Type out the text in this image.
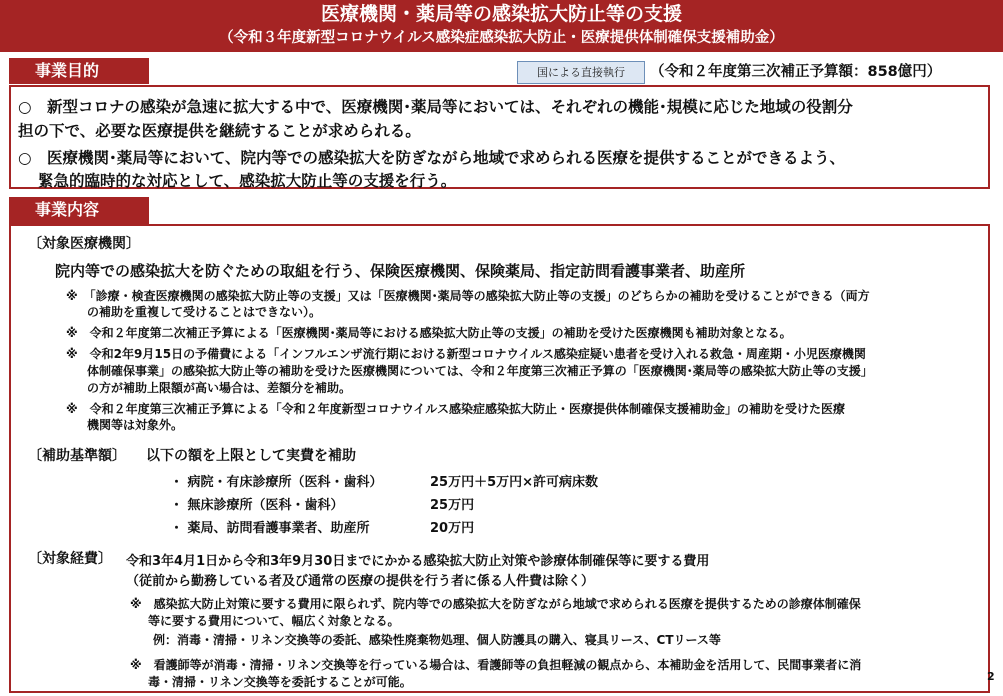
医療機関・薬局等の感染拡大防止等の支援
（令和３年度新型コロナウイルス感染症感染拡大防止・医療提供体制確保支援補助金）
事業目的	国による直接執行	（令和２年度第三次補正予算額：858億円）
○　新型コロナの感染が急速に拡大する中で、医療機関･薬局等においては、それぞれの機能･規模に応じた地域の役割分
担の下で、必要な医療提供を継続することが求められる。
○　医療機関･薬局等において、院内等での感染拡大を防ぎながら地域で求められる医療を提供することができるよう、
緊急的臨時的な対応として、感染拡大防止等の支援を行う。
事業内容
〔対象医療機関〕
院内等での感染拡大を防ぐための取組を行う、保険医療機関、保険薬局、指定訪問看護事業者、助産所
※　「診療・検査医療機関の感染拡大防止等の支援」又は「医療機関･薬局等の感染拡大防止等の支援」のどちらかの補助を受けることができる（両方
の補助を重複して受けることはできない）。
※　令和２年度第二次補正予算による「医療機関･薬局等における感染拡大防止等の支援」の補助を受けた医療機関も補助対象となる。
※　令和2年9月15日の予備費による「インフルエンザ流行期における新型コロナウイルス感染症疑い患者を受け入れる救急・周産期・小児医療機関
体制確保事業」の感染拡大防止等の補助を受けた医療機関については、令和２年度第三次補正予算の「医療機関･薬局等の感染拡大防止等の支援」
の方が補助上限額が高い場合は、差額分を補助。
※　令和２年度第三次補正予算による「令和２年度新型コロナウイルス感染症感染拡大防止・医療提供体制確保支援補助金」の補助を受けた医療
機関等は対象外。
〔補助基準額〕 以下の額を上限として実費を補助
・ 病院・有床診療所（医科・歯科）	25万円＋5万円×許可病床数
・ 無床診療所（医科・歯科）	25万円
・ 薬局、訪問看護事業者、助産所	20万円
〔対象経費〕 令和3年4月1日から令和3年9月30日までにかかる感染拡大防止対策や診療体制確保等に要する費用
（従前から勤務している者及び通常の医療の提供を行う者に係る人件費は除く）
※　感染拡大防止対策に要する費用に限られず、院内等での感染拡大を防ぎながら地域で求められる医療を提供するための診療体制確保
等に要する費用について、幅広く対象となる。
例：消毒・清掃・リネン交換等の委託、感染性廃棄物処理、個人防護具の購入、寝具リース、CTリース等
※　看護師等が消毒・清掃・リネン交換等を行っている場合は、看護師等の負担軽減の観点から、本補助金を活用して、民間事業者に消
毒・清掃・リネン交換等を委託することが可能。	2
